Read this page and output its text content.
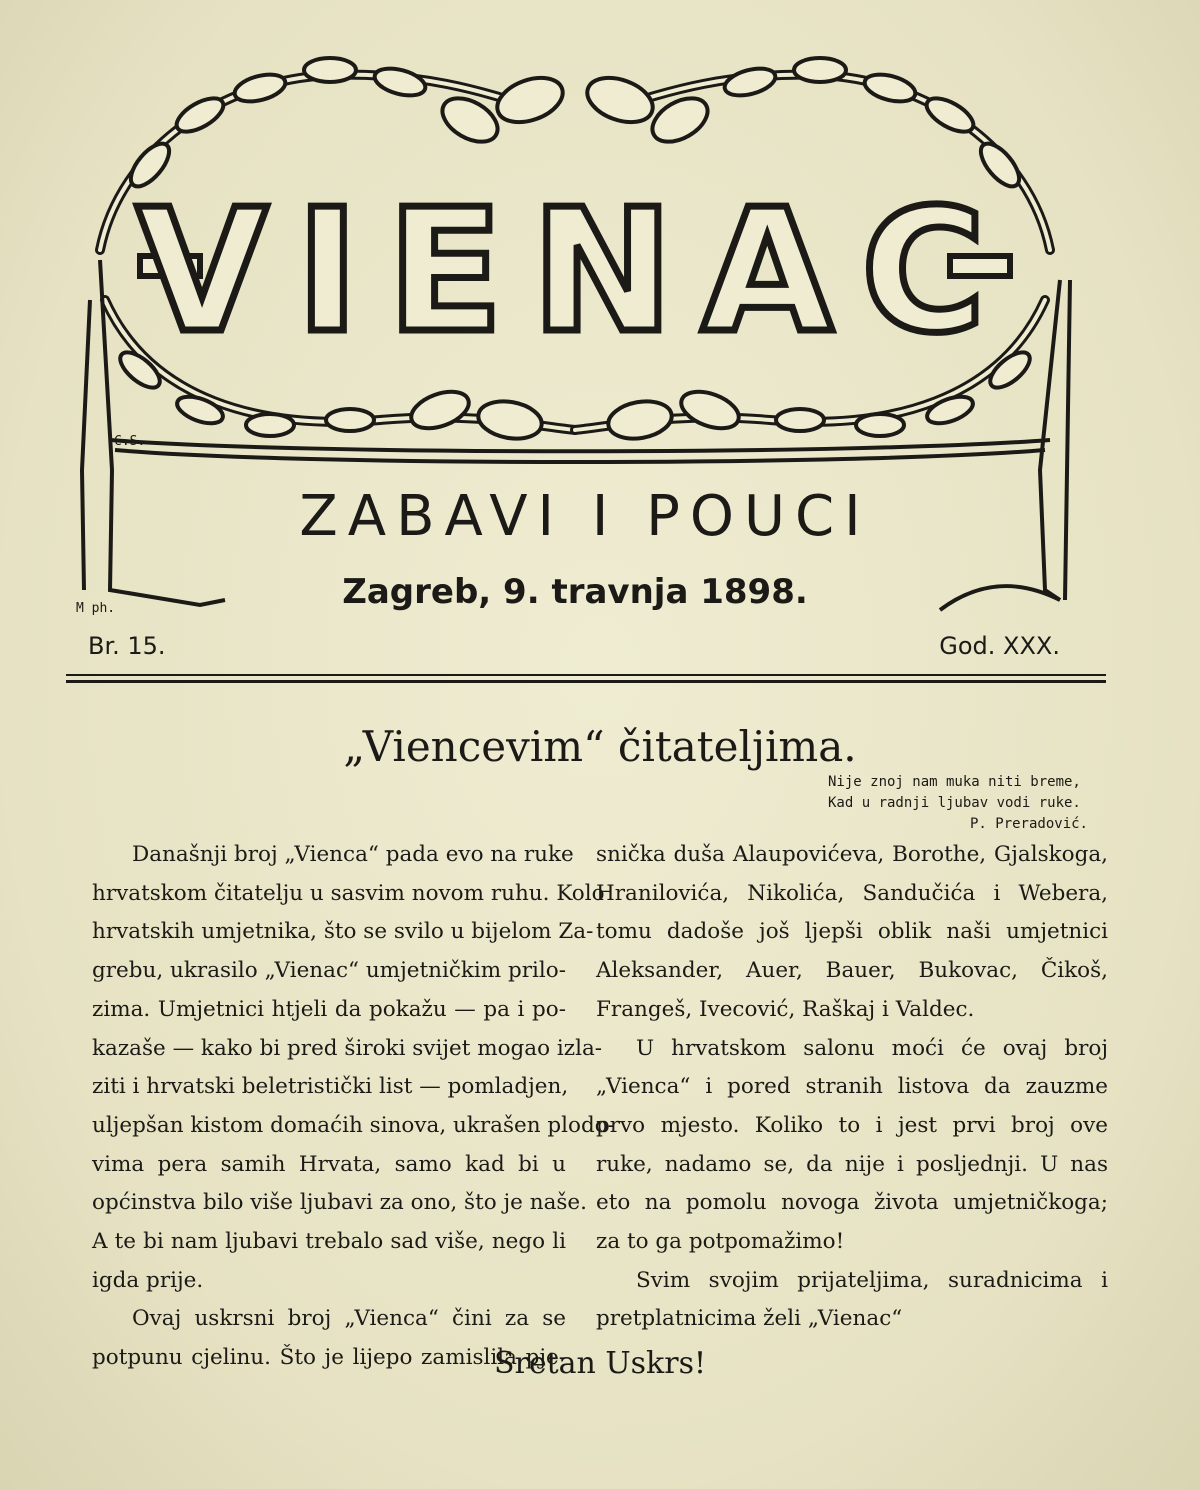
VIENAC
ZABAVI I POUCI
Zagreb, 9. travnja 1898.
C.S.
M ph.
Br. 15.	God. XXX.
„Viencevim“ čitateljima.
Nije znoj nam muka niti breme,
Kad u radnji ljubav vodi ruke.
P. Preradović.
Današnji broj „Vienca“ pada evo na ruke
hrvatskom čitatelju u sasvim novom ruhu. Kolo
hrvatskih umjetnika, što se svilo u bijelom Za-
grebu, ukrasilo „Vienac“ umjetničkim prilo-
zima. Umjetnici htjeli da pokažu — pa i po-
kazaše — kako bi pred široki svijet mogao izla-
ziti i hrvatski beletristički list — pomladjen,
uljepšan kistom domaćih sinova, ukrašen plodo-
vima pera samih Hrvata, samo kad bi u
općinstva bilo više ljubavi za ono, što je naše.
A te bi nam ljubavi trebalo sad više, nego li
igda prije.
Ovaj uskrsni broj „Vienca“ čini za se
potpunu cjelinu. Što je lijepo zamislila pje-
snička duša Alaupovićeva, Borothe, Gjalskoga,
Hranilovića, Nikolića, Sandučića i Webera,
tomu dadoše još ljepši oblik naši umjetnici
Aleksander, Auer, Bauer, Bukovac, Čikoš,
Frangeš, Ivecović, Raškaj i Valdec.
U hrvatskom salonu moći će ovaj broj
„Vienca“ i pored stranih listova da zauzme
prvo mjesto. Koliko to i jest prvi broj ove
ruke, nadamo se, da nije i posljednji. U nas
eto na pomolu novoga života umjetničkoga;
za to ga potpomažimo!
Svim svojim prijateljima, suradnicima i
pretplatnicima želi „Vienac“
Sretan Uskrs!
